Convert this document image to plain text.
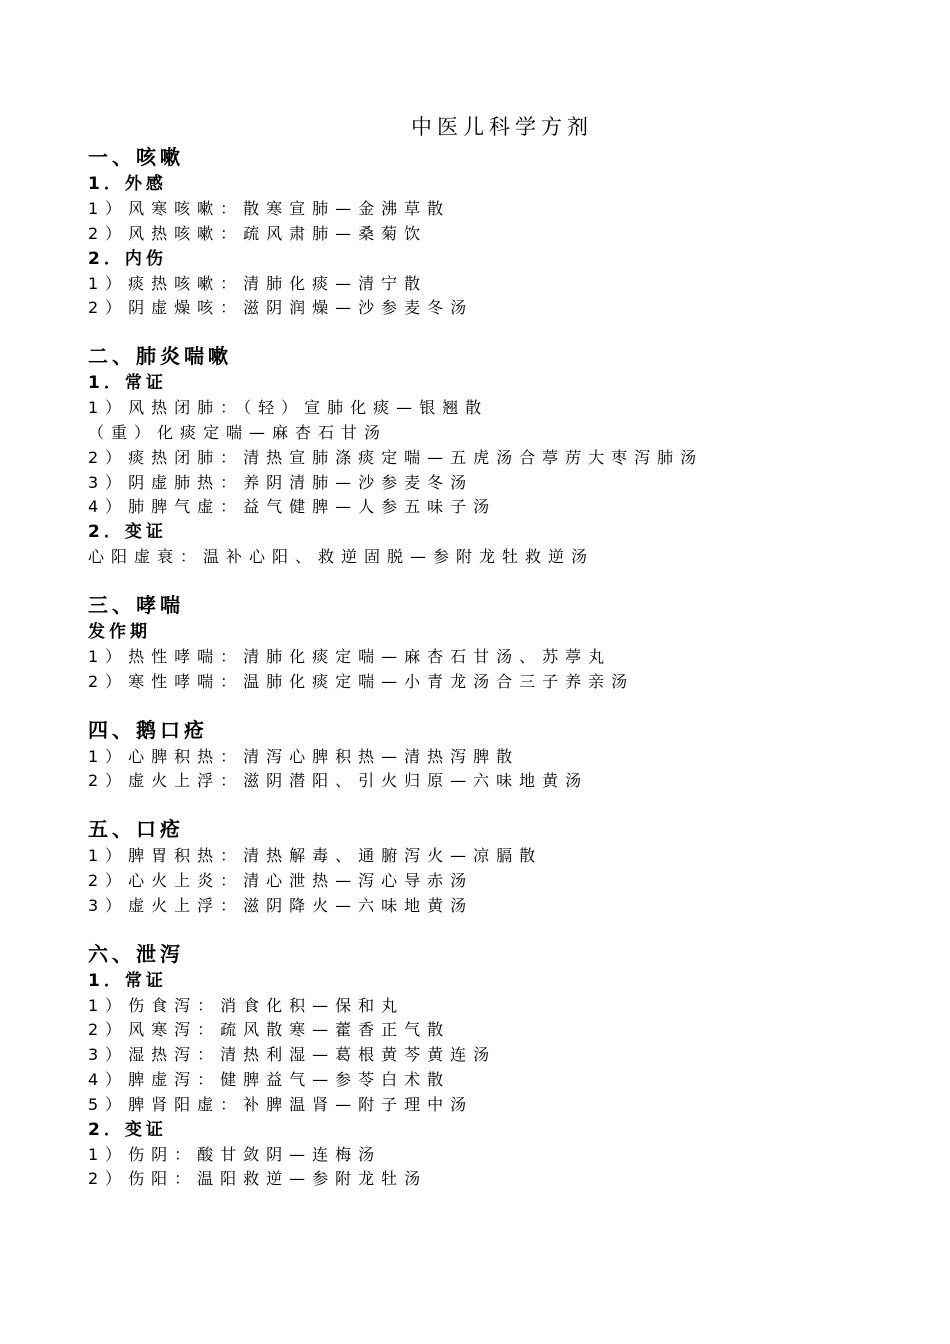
中医儿科学方剂
一、咳嗽
1．外感
1）风寒咳嗽：散寒宣肺—金沸草散
2）风热咳嗽：疏风肃肺—桑菊饮
2．内伤
1）痰热咳嗽：清肺化痰—清宁散
2）阴虚燥咳：滋阴润燥—沙参麦冬汤
二、肺炎喘嗽
1．常证
1）风热闭肺：（轻）宣肺化痰—银翘散
（重）化痰定喘—麻杏石甘汤
2）痰热闭肺：清热宣肺涤痰定喘—五虎汤合葶苈大枣泻肺汤
3）阴虚肺热：养阴清肺—沙参麦冬汤
4）肺脾气虚：益气健脾—人参五味子汤
2．变证
心阳虚衰：温补心阳、救逆固脱—参附龙牡救逆汤
三、哮喘
发作期
1）热性哮喘：清肺化痰定喘—麻杏石甘汤、苏葶丸
2）寒性哮喘：温肺化痰定喘—小青龙汤合三子养亲汤
四、鹅口疮
1）心脾积热：清泻心脾积热—清热泻脾散
2）虚火上浮：滋阴潜阳、引火归原—六味地黄汤
五、口疮
1）脾胃积热：清热解毒、通腑泻火—凉膈散
2）心火上炎：清心泄热—泻心导赤汤
3）虚火上浮：滋阴降火—六味地黄汤
六、泄泻
1．常证
1）伤食泻：消食化积—保和丸
2）风寒泻：疏风散寒—藿香正气散
3）湿热泻：清热利湿—葛根黄芩黄连汤
4）脾虚泻：健脾益气—参苓白术散
5）脾肾阳虚：补脾温肾—附子理中汤
2．变证
1）伤阴：酸甘敛阴—连梅汤
2）伤阳：温阳救逆—参附龙牡汤
